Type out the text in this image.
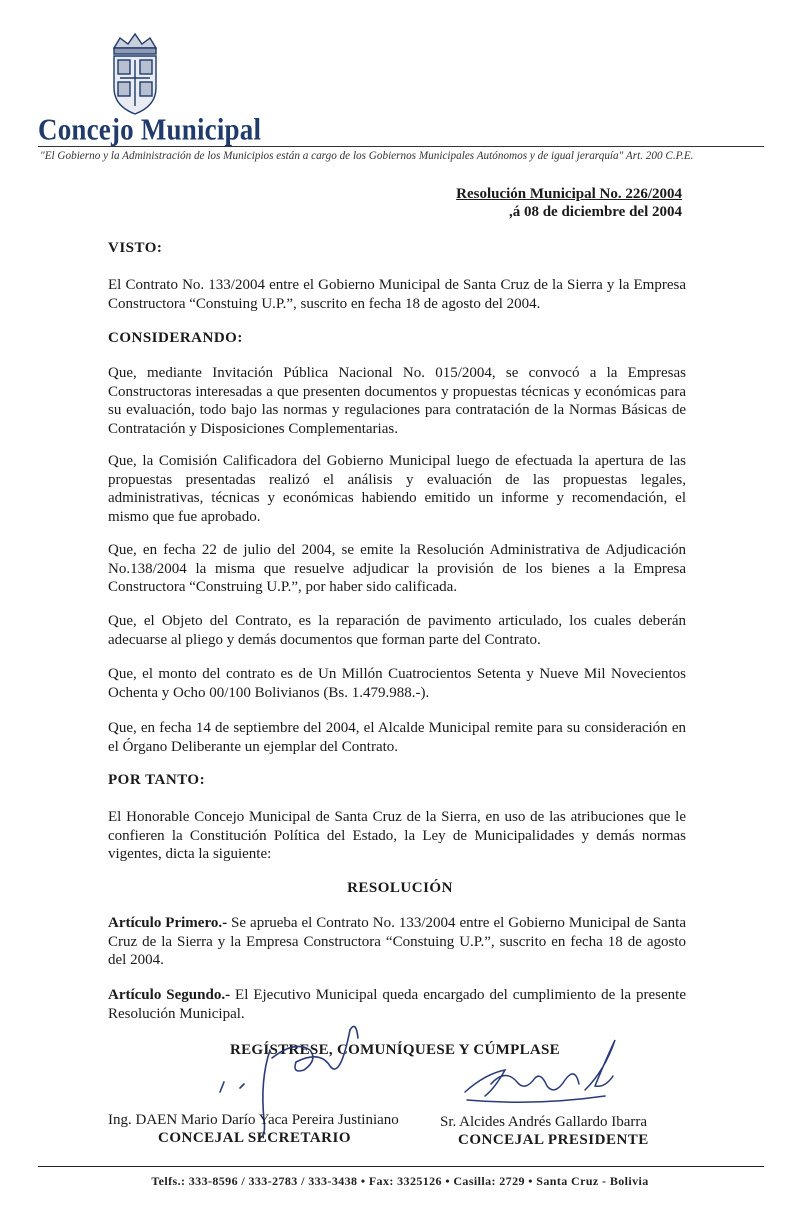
Concejo Municipal
"El Gobierno y la Administración de los Municipios están a cargo de los Gobiernos Municipales Autónomos y de igual jerarquía" Art. 200 C.P.E.
Resolución Municipal No. 226/2004
,á 08 de diciembre del 2004
VISTO:
El Contrato No. 133/2004 entre el Gobierno Municipal de Santa Cruz de la Sierra y la Empresa Constructora “Constuing U.P.”, suscrito en fecha 18 de agosto del 2004.
CONSIDERANDO:
Que, mediante Invitación Pública Nacional No. 015/2004, se convocó a la Empresas Constructoras interesadas a que presenten documentos y propuestas técnicas y económicas para su evaluación, todo bajo las normas y regulaciones para contratación de la Normas Básicas de Contratación y Disposiciones Complementarias.
Que, la Comisión Calificadora del Gobierno Municipal luego de efectuada la apertura de las propuestas presentadas realizó el análisis y evaluación de las propuestas legales, administrativas, técnicas y económicas habiendo emitido un informe y recomendación, el mismo que fue aprobado.
Que, en fecha 22 de julio del 2004, se emite la Resolución Administrativa de Adjudicación No.138/2004 la misma que resuelve adjudicar la provisión de los bienes a la Empresa Constructora “Construing U.P.”, por haber sido calificada.
Que, el Objeto del Contrato, es la reparación de pavimento articulado, los cuales deberán adecuarse al pliego y demás documentos que forman parte del Contrato.
Que, el monto del contrato es de Un Millón Cuatrocientos Setenta y Nueve Mil Novecientos Ochenta y Ocho 00/100 Bolivianos (Bs. 1.479.988.-).
Que, en fecha 14 de septiembre del 2004, el Alcalde Municipal remite para su consideración en el Órgano Deliberante un ejemplar del Contrato.
POR TANTO:
El Honorable Concejo Municipal de Santa Cruz de la Sierra, en uso de las atribuciones que le confieren la Constitución Política del Estado, la Ley de Municipalidades y demás normas vigentes, dicta la siguiente:
RESOLUCIÓN
Artículo Primero.- Se aprueba el Contrato No. 133/2004 entre el Gobierno Municipal de Santa Cruz de la Sierra y la Empresa Constructora “Constuing U.P.”, suscrito en fecha 18 de agosto del 2004.
Artículo Segundo.- El Ejecutivo Municipal queda encargado del cumplimiento de la presente Resolución Municipal.
REGÍSTRESE, COMUNÍQUESE Y CÚMPLASE
Ing. DAEN Mario Darío Yaca Pereira Justiniano
CONCEJAL SECRETARIO
Sr. Alcides Andrés Gallardo Ibarra
CONCEJAL PRESIDENTE
Telfs.: 333-8596 / 333-2783 / 333-3438 • Fax: 3325126 • Casilla: 2729 • Santa Cruz - Bolivia
